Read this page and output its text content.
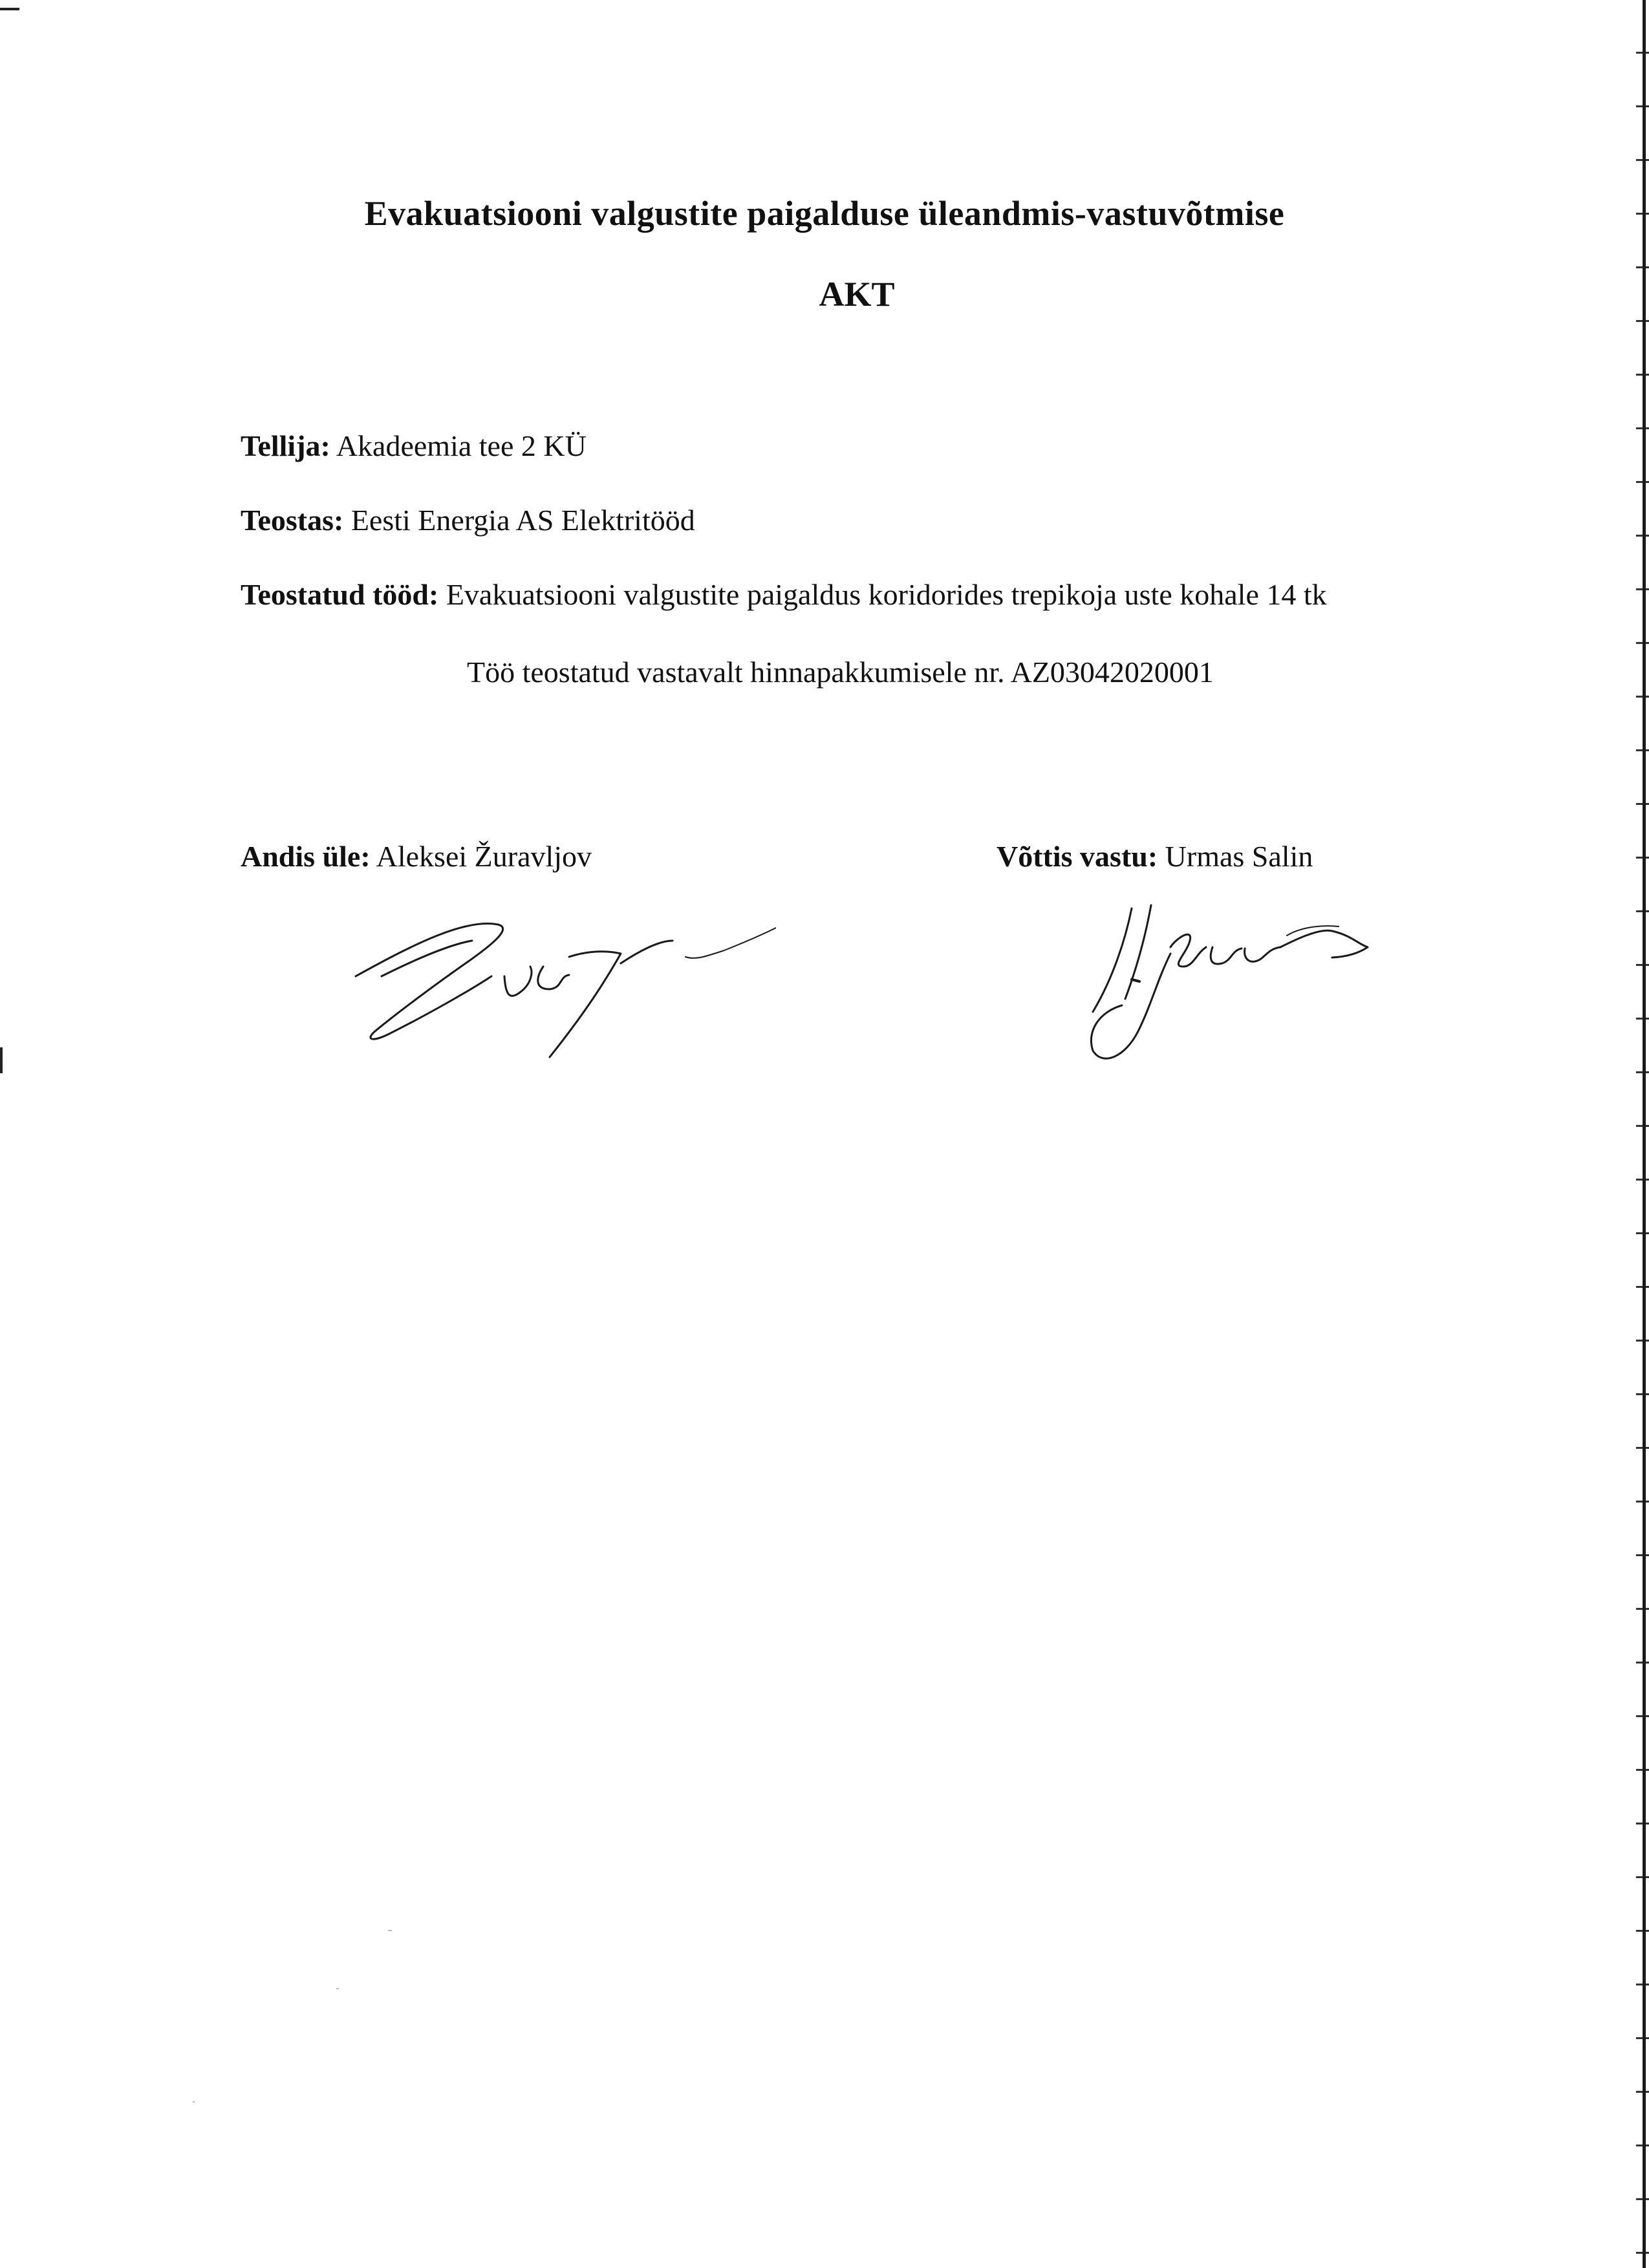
Evakuatsiooni valgustite paigalduse üleandmis-vastuvõtmise
AKT
Tellija: Akadeemia tee 2 KÜ
Teostas: Eesti Energia AS Elektritööd
Teostatud tööd: Evakuatsiooni valgustite paigaldus koridorides trepikoja uste kohale 14 tk
Töö teostatud vastavalt hinnapakkumisele nr. AZ03042020001
Andis üle: Aleksei Žuravljov	Võttis vastu: Urmas Salin
